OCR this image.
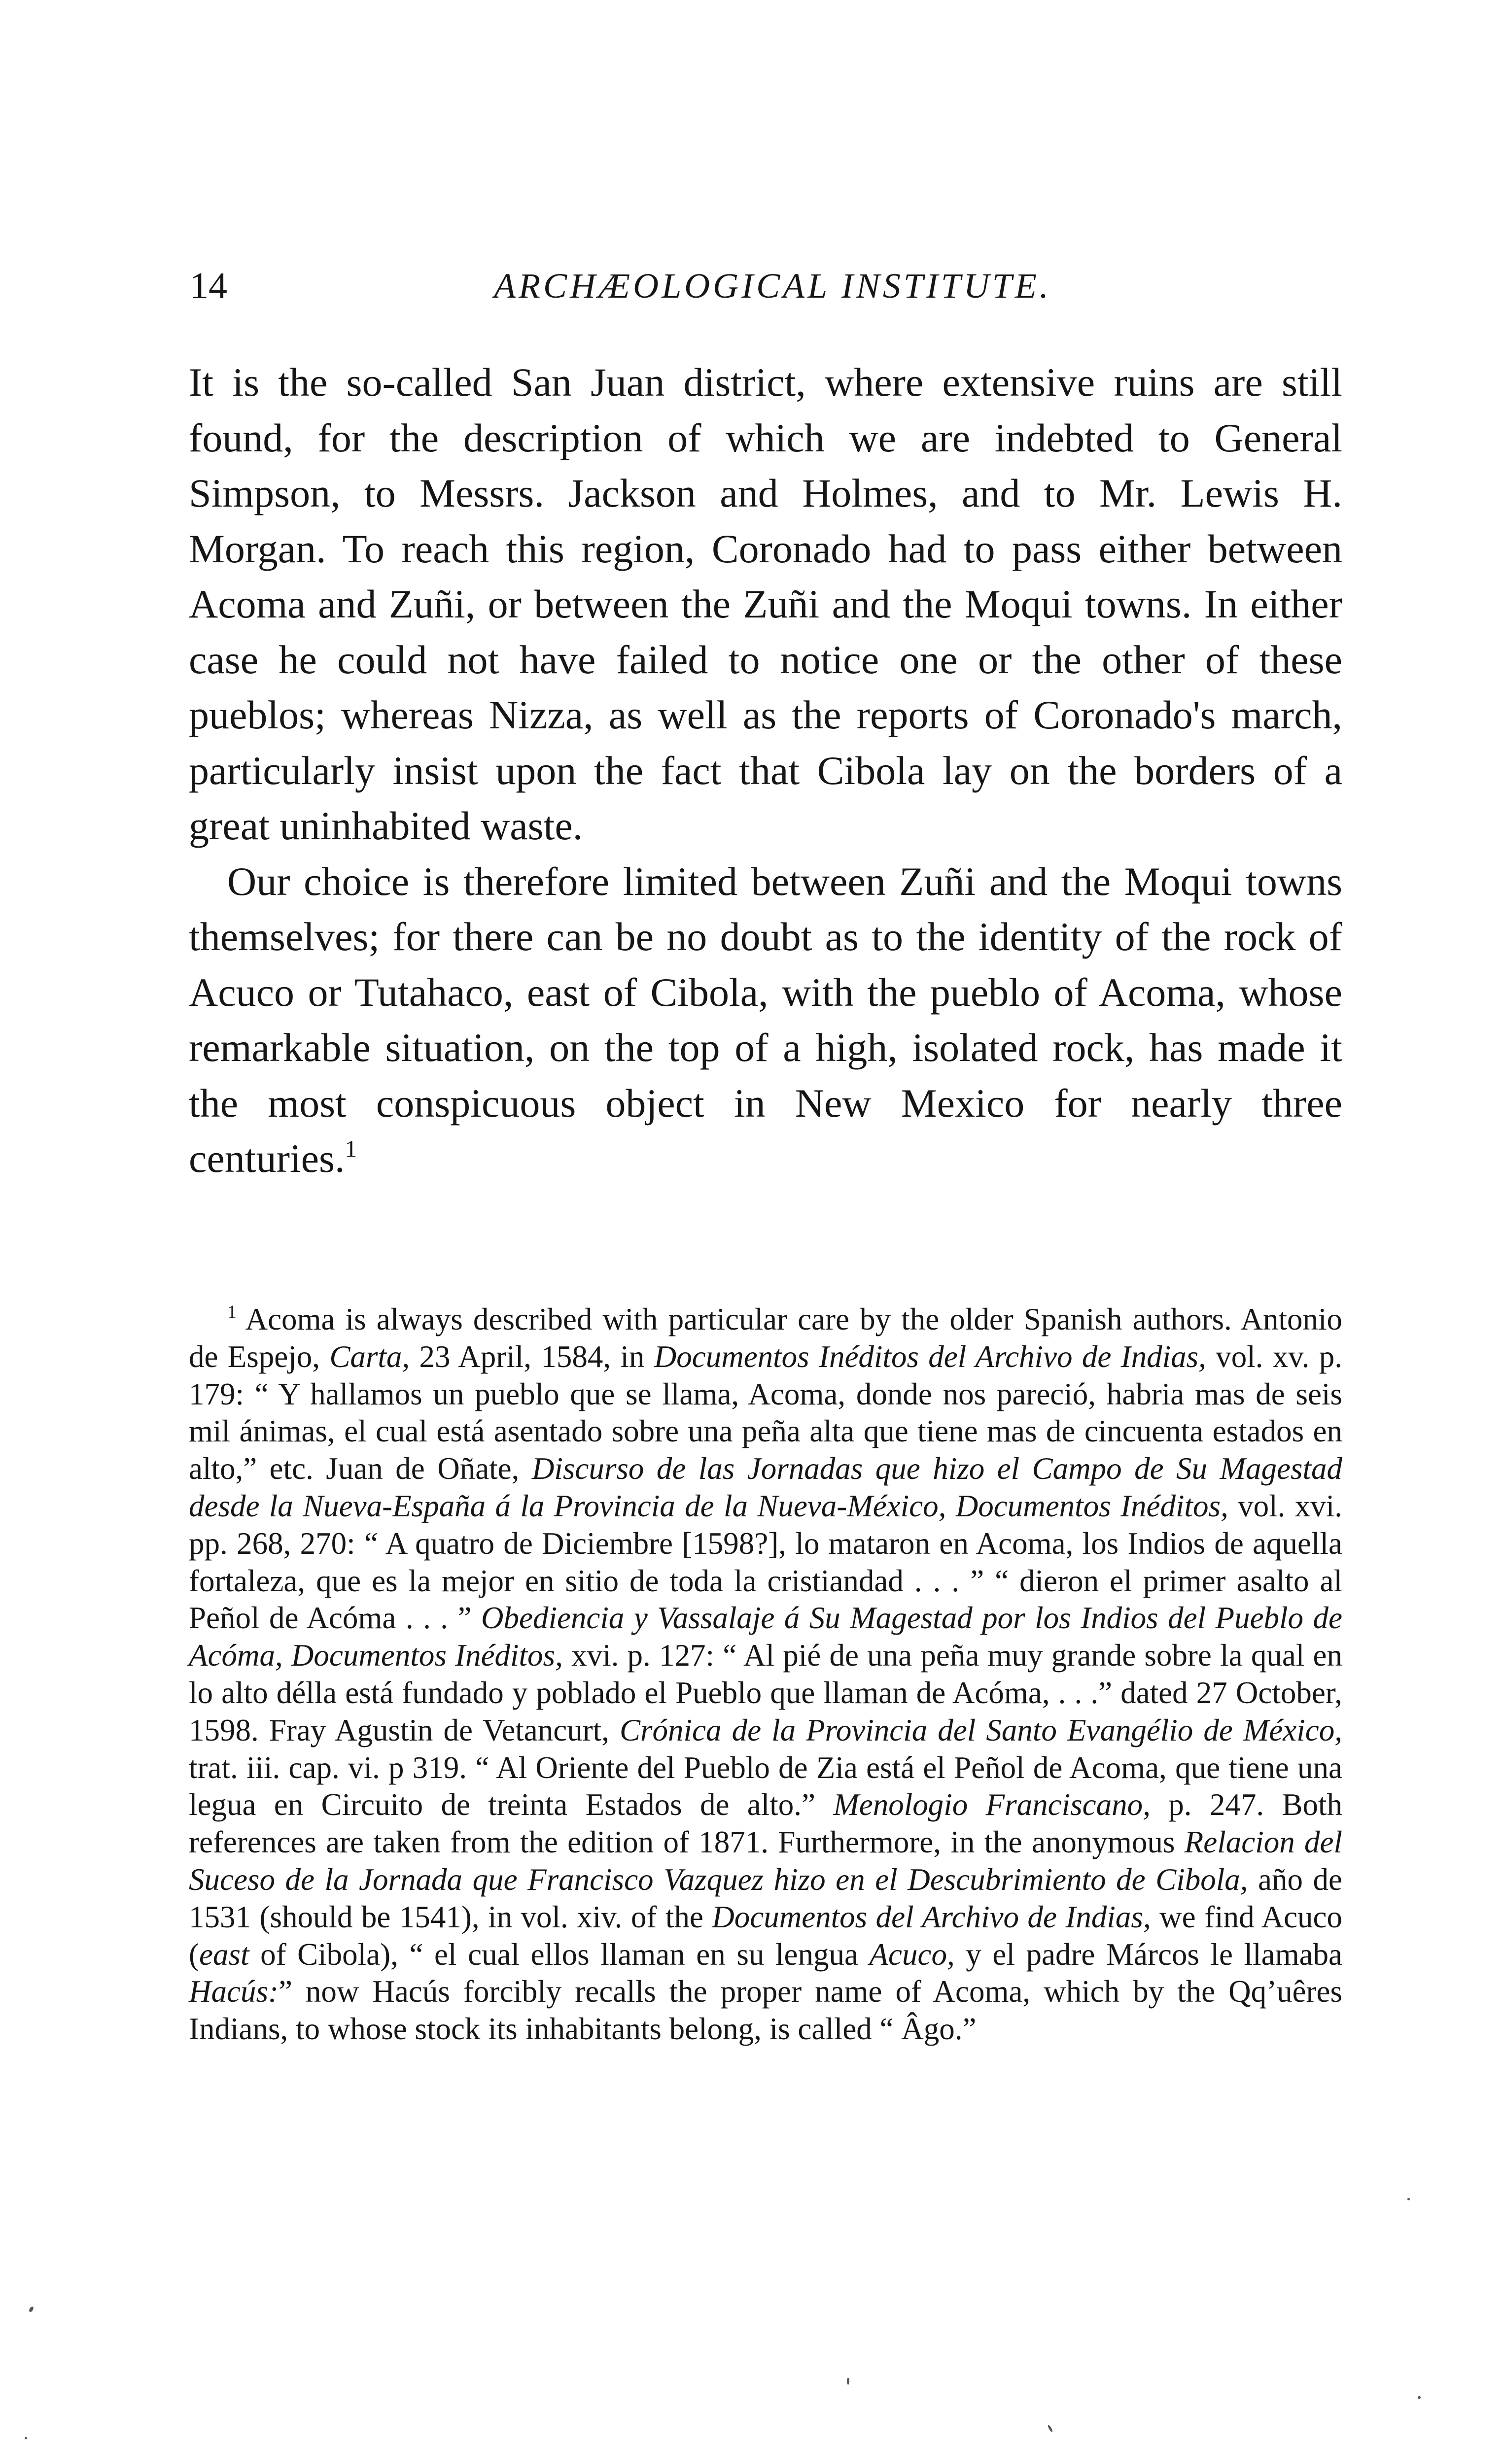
14	ARCHÆOLOGICAL INSTITUTE.

It is the so-called San Juan district, where extensive ruins are still found, for the description of which we are indebted to General Simpson, to Messrs. Jackson and Holmes, and to Mr. Lewis H. Morgan. To reach this region, Coronado had to pass either between Acoma and Zuñi, or between the Zuñi and the Moqui towns. In either case he could not have failed to notice one or the other of these pueblos; whereas Nizza, as well as the reports of Coronado's march, particularly insist upon the fact that Cibola lay on the borders of a great uninhabited waste.

Our choice is therefore limited between Zuñi and the Moqui towns themselves; for there can be no doubt as to the identity of the rock of Acuco or Tutahaco, east of Cibola, with the pueblo of Acoma, whose remarkable situation, on the top of a high, isolated rock, has made it the most conspicuous object in New Mexico for nearly three centuries.$^1$

$^1$ Acoma is always described with particular care by the older Spanish authors. Antonio de Espejo, Carta, 23 April, 1584, in Documentos Inéditos del Archivo de Indias, vol. xv. p. 179: “ Y hallamos un pueblo que se llama, Acoma, donde nos pareció, habria mas de seis mil ánimas, el cual está asentado sobre una peña alta que tiene mas de cincuenta estados en alto,” etc. Juan de Oñate, Discurso de las Jornadas que hizo el Campo de Su Magestad desde la Nueva-España á la Provincia de la Nueva-México, Documentos Inéditos, vol. xvi. pp. 268, 270: “ A quatro de Diciembre [1598?], lo mataron en Acoma, los Indios de aquella fortaleza, que es la mejor en sitio de toda la cristiandad . . . ” “ dieron el primer asalto al Peñol de Acóma . . . ” Obediencia y Vassalaje á Su Magestad por los Indios del Pueblo de Acóma, Documentos Inéditos, xvi. p. 127: “ Al pié de una peña muy grande sobre la qual en lo alto délla está fundado y poblado el Pueblo que llaman de Acóma, . . .” dated 27 October, 1598. Fray Agustin de Vetancurt, Crónica de la Provincia del Santo Evangélio de México, trat. iii. cap. vi. p 319. “ Al Oriente del Pueblo de Zia está el Peñol de Acoma, que tiene una legua en Circuito de treinta Estados de alto.” Menologio Franciscano, p. 247. Both references are taken from the edition of 1871. Furthermore, in the anonymous Relacion del Suceso de la Jornada que Francisco Vazquez hizo en el Descubrimiento de Cibola, año de 1531 (should be 1541), in vol. xiv. of the Documentos del Archivo de Indias, we find Acuco (east of Cibola), “ el cual ellos llaman en su lengua Acuco, y el padre Márcos le llamaba Hacús:” now Hacús forcibly recalls the proper name of Acoma, which by the Qq’uêres Indians, to whose stock its inhabitants belong, is called “ Âgo.”
